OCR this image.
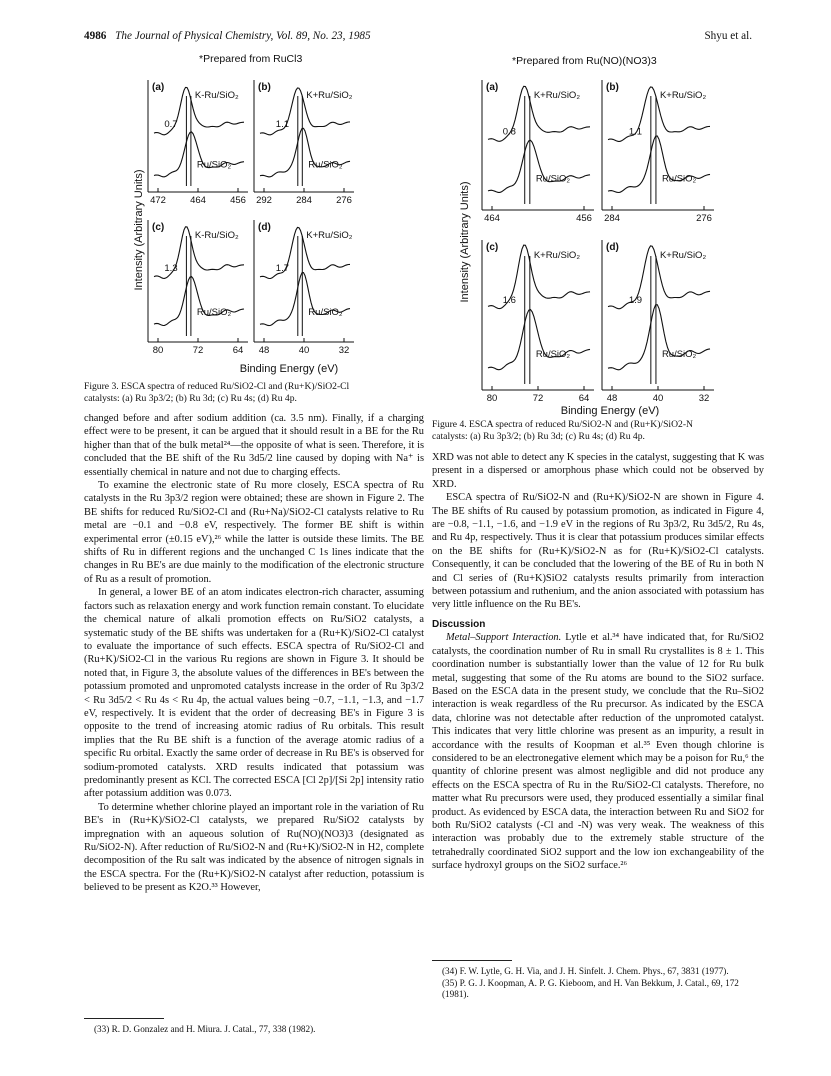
4986 The Journal of Physical Chemistry, Vol. 89, No. 23, 1985	Shyu et al.
*Prepared from RuCl3
Intensity (Arbitrary Units)
Binding Energy (eV)
(a)
K-Ru/SiO₂
Ru/SiO₂
0.7
472	464	456
(b)
K+Ru/SiO₂
Ru/SiO₂
1.1
292	284	276
(c)
K-Ru/SiO₂
Ru/SiO₂
1.3
80	72	64
(d)
K+Ru/SiO₂
Ru/SiO₂
1.7
48	40	32
Figure 3. ESCA spectra of reduced Ru/SiO2-Cl and (Ru+K)/SiO2-Cl
catalysts: (a) Ru 3p3/2; (b) Ru 3d; (c) Ru 4s; (d) Ru 4p.
*Prepared from Ru(NO)(NO3)3
Intensity (Arbitrary Units)
Binding Energy (eV)
(a)
K+Ru/SiO₂
Ru/SiO₂
0.8
464	456
(b)
K+Ru/SiO₂
Ru/SiO₂
1.1
284	276
(c)
K+Ru/SiO₂
Ru/SiO₂
1.6
80	72	64
(d)
K+Ru/SiO₂
Ru/SiO₂
1.9
48	40	32
Figure 4. ESCA spectra of reduced Ru/SiO2-N and (Ru+K)/SiO2-N
catalysts: (a) Ru 3p3/2; (b) Ru 3d; (c) Ru 4s; (d) Ru 4p.

changed before and after sodium addition (ca. 3.5 nm). Finally, if a charging effect were to be present, it can be argued that it should result in a BE for the Ru higher than that of the bulk metal²⁴—the opposite of what is seen. Therefore, it is concluded that the BE shift of the Ru 3d5/2 line caused by doping with Na⁺ is essentially chemical in nature and not due to charging effects.

To examine the electronic state of Ru more closely, ESCA spectra of Ru catalysts in the Ru 3p3/2 region were obtained; these are shown in Figure 2. The BE shifts for reduced Ru/SiO2-Cl and (Ru+Na)/SiO2-Cl catalysts relative to Ru metal are −0.1 and −0.8 eV, respectively. The former BE shift is within experimental error (±0.15 eV),²⁶ while the latter is outside these limits. The BE shifts of Ru in different regions and the unchanged C 1s lines indicate that the changes in Ru BE's are due mainly to the modification of the electronic structure of Ru as a result of promotion.

In general, a lower BE of an atom indicates electron-rich character, assuming factors such as relaxation energy and work function remain constant. To elucidate the chemical nature of alkali promotion effects on Ru/SiO2 catalysts, a systematic study of the BE shifts was undertaken for a (Ru+K)/SiO2-Cl catalyst to evaluate the importance of such effects. ESCA spectra of Ru/SiO2-Cl and (Ru+K)/SiO2-Cl in the various Ru regions are shown in Figure 3. It should be noted that, in Figure 3, the absolute values of the differences in BE's between the potassium promoted and unpromoted catalysts increase in the order of Ru 3p3/2 < Ru 3d5/2 < Ru 4s < Ru 4p, the actual values being −0.7, −1.1, −1.3, and −1.7 eV, respectively. It is evident that the order of decreasing BE's in Figure 3 is opposite to the trend of increasing atomic radius of Ru orbitals. This result implies that the Ru BE shift is a function of the average atomic radius of a specific Ru orbital. Exactly the same order of decrease in Ru BE's is observed for sodium-promoted catalysts. XRD results indicated that potassium was predominantly present as KCl. The corrected ESCA [Cl 2p]/[Si 2p] intensity ratio after potassium addition was 0.073.

To determine whether chlorine played an important role in the variation of Ru BE's in (Ru+K)/SiO2-Cl catalysts, we prepared Ru/SiO2 catalysts by impregnation with an aqueous solution of Ru(NO)(NO3)3 (designated as Ru/SiO2-N). After reduction of Ru/SiO2-N and (Ru+K)/SiO2-N in H2, complete decomposition of the Ru salt was indicated by the absence of nitrogen signals in the ESCA spectra. For the (Ru+K)/SiO2-N catalyst after reduction, potassium is believed to be present as K2O.³³ However,

XRD was not able to detect any K species in the catalyst, suggesting that K was present in a dispersed or amorphous phase which could not be observed by XRD.

ESCA spectra of Ru/SiO2-N and (Ru+K)/SiO2-N are shown in Figure 4. The BE shifts of Ru caused by potassium promotion, as indicated in Figure 4, are −0.8, −1.1, −1.6, and −1.9 eV in the regions of Ru 3p3/2, Ru 3d5/2, Ru 4s, and Ru 4p, respectively. Thus it is clear that potassium produces similar effects on the BE shifts for (Ru+K)/SiO2-N as for (Ru+K)/SiO2-Cl catalysts. Consequently, it can be concluded that the lowering of the BE of Ru in both N and Cl series of (Ru+K)SiO2 catalysts results primarily from interaction between potassium and ruthenium, and the anion associated with potassium has very little influence on the Ru BE's.

Discussion

Metal–Support Interaction. Lytle et al.³⁴ have indicated that, for Ru/SiO2 catalysts, the coordination number of Ru in small Ru crystallites is 8 ± 1. This coordination number is substantially lower than the value of 12 for Ru bulk metal, suggesting that some of the Ru atoms are bound to the SiO2 surface. Based on the ESCA data in the present study, we conclude that the Ru–SiO2 interaction is weak regardless of the Ru precursor. As indicated by the ESCA data, chlorine was not detectable after reduction of the unpromoted catalyst. This indicates that very little chlorine was present as an impurity, a result in accordance with the results of Koopman et al.³⁵ Even though chlorine is considered to be an electronegative element which may be a poison for Ru,⁶ the quantity of chlorine present was almost negligible and did not produce any effects on the ESCA spectra of Ru in the Ru/SiO2-Cl catalysts. Therefore, no matter what Ru precursors were used, they produced essentially a similar final product. As evidenced by ESCA data, the interaction between Ru and SiO2 for both Ru/SiO2 catalysts (-Cl and -N) was very weak. The weakness of this interaction was probably due to the extremely stable structure of the tetrahedrally coordinated SiO2 support and the low ion exchangeability of the surface hydroxyl groups on the SiO2 surface.²⁶

(33) R. D. Gonzalez and H. Miura. J. Catal., 77, 338 (1982).
(34) F. W. Lytle, G. H. Via, and J. H. Sinfelt. J. Chem. Phys., 67, 3831 (1977).
(35) P. G. J. Koopman, A. P. G. Kieboom, and H. Van Bekkum, J. Catal., 69, 172 (1981).
